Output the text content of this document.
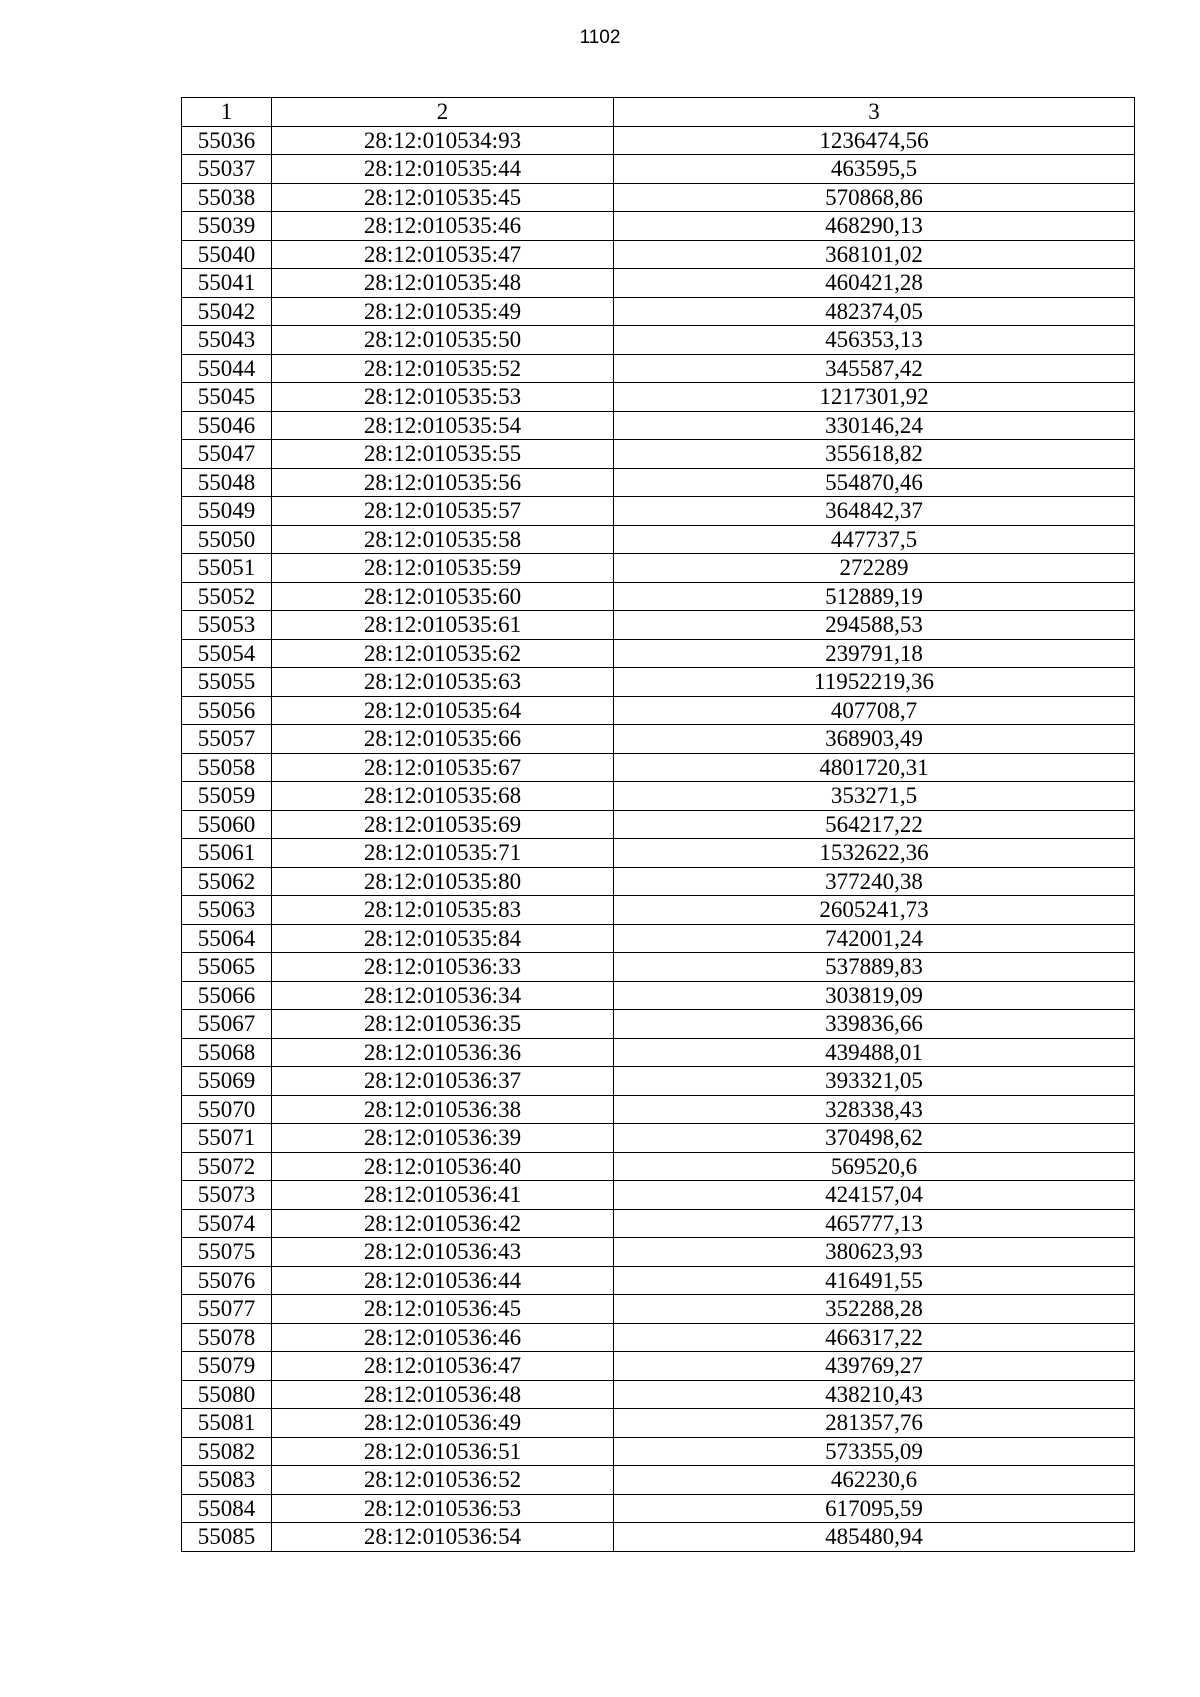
1102
1	2	3
55036	28:12:010534:93	1236474,56
55037	28:12:010535:44	463595,5
55038	28:12:010535:45	570868,86
55039	28:12:010535:46	468290,13
55040	28:12:010535:47	368101,02
55041	28:12:010535:48	460421,28
55042	28:12:010535:49	482374,05
55043	28:12:010535:50	456353,13
55044	28:12:010535:52	345587,42
55045	28:12:010535:53	1217301,92
55046	28:12:010535:54	330146,24
55047	28:12:010535:55	355618,82
55048	28:12:010535:56	554870,46
55049	28:12:010535:57	364842,37
55050	28:12:010535:58	447737,5
55051	28:12:010535:59	272289
55052	28:12:010535:60	512889,19
55053	28:12:010535:61	294588,53
55054	28:12:010535:62	239791,18
55055	28:12:010535:63	11952219,36
55056	28:12:010535:64	407708,7
55057	28:12:010535:66	368903,49
55058	28:12:010535:67	4801720,31
55059	28:12:010535:68	353271,5
55060	28:12:010535:69	564217,22
55061	28:12:010535:71	1532622,36
55062	28:12:010535:80	377240,38
55063	28:12:010535:83	2605241,73
55064	28:12:010535:84	742001,24
55065	28:12:010536:33	537889,83
55066	28:12:010536:34	303819,09
55067	28:12:010536:35	339836,66
55068	28:12:010536:36	439488,01
55069	28:12:010536:37	393321,05
55070	28:12:010536:38	328338,43
55071	28:12:010536:39	370498,62
55072	28:12:010536:40	569520,6
55073	28:12:010536:41	424157,04
55074	28:12:010536:42	465777,13
55075	28:12:010536:43	380623,93
55076	28:12:010536:44	416491,55
55077	28:12:010536:45	352288,28
55078	28:12:010536:46	466317,22
55079	28:12:010536:47	439769,27
55080	28:12:010536:48	438210,43
55081	28:12:010536:49	281357,76
55082	28:12:010536:51	573355,09
55083	28:12:010536:52	462230,6
55084	28:12:010536:53	617095,59
55085	28:12:010536:54	485480,94
